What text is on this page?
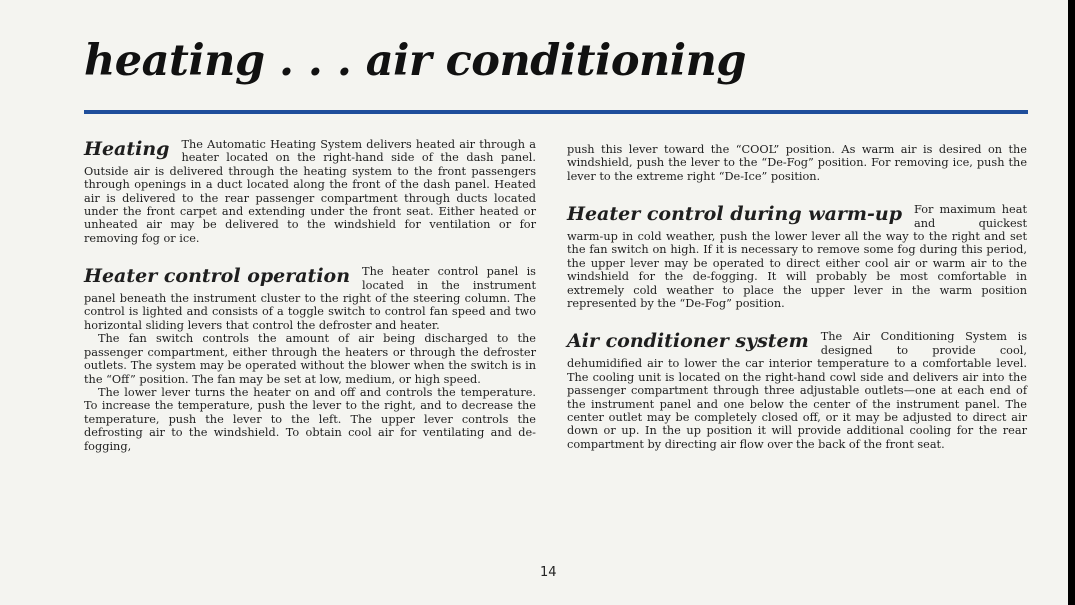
heating . . . air conditioning
Heating	The Automatic Heating System delivers heated air through a heater located on the right-hand side of the dash panel. Outside air is delivered through the heating system to the front passengers through openings in a duct located along the front of the dash panel. Heated air is delivered to the rear passenger compartment through ducts located under the front carpet and extending under the front seat. Either heated or unheated air may be delivered to the windshield for ventilation or for removing fog or ice.

Heater control operation	The heater control panel is located in the instrument panel beneath the instrument cluster to the right of the steering column. The control is lighted and consists of a toggle switch to control fan speed and two horizontal sliding levers that control the defroster and heater.

The fan switch controls the amount of air being discharged to the passenger compartment, either through the heaters or through the defroster outlets. The system may be operated without the blower when the switch is in the “Off” position. The fan may be set at low, medium, or high speed.

The lower lever turns the heater on and off and controls the temperature. To increase the temperature, push the lever to the right, and to decrease the temperature, push the lever to the left. The upper lever controls the defrosting air to the windshield. To obtain cool air for ventilating and de-fogging,

push this lever toward the “COOL” position. As warm air is desired on the windshield, push the lever to the “De-Fog” position. For removing ice, push the lever to the extreme right “De-Ice” position.

Heater control during warm-up	For maximum heat and quickest warm-up in cold weather, push the lower lever all the way to the right and set the fan switch on high. If it is necessary to remove some fog during this period, the upper lever may be operated to direct either cool air or warm air to the windshield for the de-fogging. It will probably be most comfortable in extremely cold weather to place the upper lever in the warm position represented by the “De-Fog” position.

Air conditioner system	The Air Conditioning System is designed to provide cool, dehumidified air to lower the car interior temperature to a comfortable level. The cooling unit is located on the right-hand cowl side and delivers air into the passenger compartment through three adjustable outlets—one at each end of the instrument panel and one below the center of the instrument panel. The center outlet may be completely closed off, or it may be adjusted to direct air down or up. In the up position it will provide additional cooling for the rear compartment by directing air flow over the back of the front seat.

14
